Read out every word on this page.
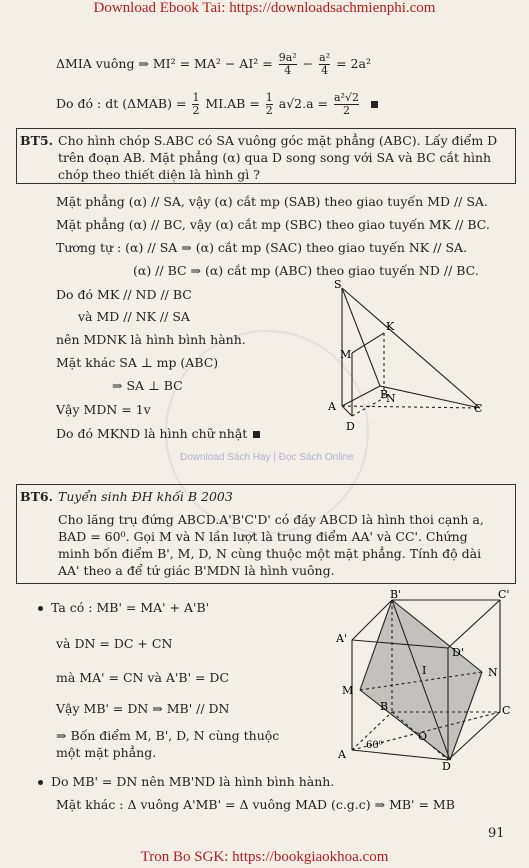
Download Ebook Tai: https://downloadsachmienphi.com
Download Sách Hay | Đọc Sách Online
ΔMIA vuông ⇒ $MI^2 = MA^2 - AI^2 = \frac{\text{9a²}}{4} - \frac{\text{a²}}{4} = 2a^2$
Do đó : dt $(\Delta MAB) = \frac{1}{2} MI.AB = \frac{1}{2} a√2.a = \frac{\text{a²√2}}{2}$

BT5. Cho hình chóp S.ABC có SA vuông góc mặt phẳng (ABC). Lấy điểm D
trên đoạn AB. Mặt phẳng (α) qua D song song với SA và BC cắt hình
chóp theo thiết diện là hình gì ?
Mặt phẳng (α) // SA, vậy (α) cắt mp (SAB) theo giao tuyến MD // SA.
Mặt phẳng (α) // BC, vậy (α) cắt mp (SBC) theo giao tuyến MK // BC.
Tương tự : (α) // SA ⇒ (α) cắt mp (SAC) theo giao tuyến NK // SA.
(α) // BC ⇒ (α) cắt mp (ABC) theo giao tuyến ND // BC.
Do đó MK // ND // BC
và MD // NK // SA
nên MDNK là hình bình hành.
Mặt khác SA ⊥ mp (ABC)
⇒ SA ⊥ BC
Vậy MDN = 1v
Do đó MKND là hình chữ nhật
S
K
M
N
A
B
C
D
BT6. Tuyển sinh ĐH khối B 2003
Cho lăng trụ đứng ABCD.A'B'C'D' có đáy ABCD là hình thoi cạnh a,
BAD = 60⁰. Gọi M và N lần lượt là trung điểm AA' và CC'. Chứng
minh bốn điểm B', M, D, N cùng thuộc một mặt phẳng. Tính độ dài
AA' theo a để tứ giác B'MDN là hình vuông.
Ta có : MB' = MA' + A'B'
và DN = DC + CN
mà MA' = CN và A'B' = DC
Vậy MB' = DN ⇒ MB' // DN
⇒ Bốn điểm M, B', D, N cùng thuộc
một mặt phẳng.
Do MB' = DN nên MB'ND là hình bình hành.
Mặt khác : Δ vuông A'MB' = Δ vuông MAD (c.g.c) ⇒ MB' = MB
B'	C'
A'
D'
M
N
I
B	C
A
D
O
60⁰
91
Tron Bo SGK: https://bookgiaokhoa.com
